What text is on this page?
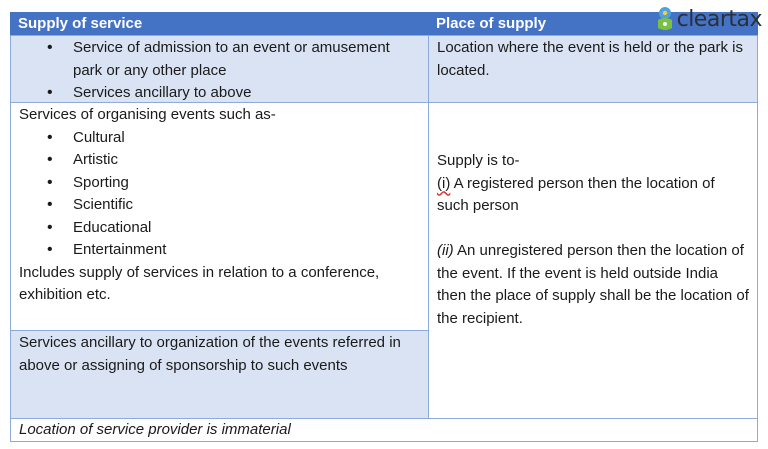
Supply of service	Place of supply
• Service of admission to an event or amusement park or any other place
• Services ancillary to above

Location where the event is held or the park is located.

Services of organising events such as-

• Cultural
• Artistic
• Sporting
• Scientific
• Educational
• Entertainment

Includes supply of services in relation to a conference, exhibition etc.

Services ancillary to organization of the events referred in above or assigning of sponsorship to such events

Supply is to-

(i) A registered person then the location of such person

(ii) An unregistered person then the location of the event. If the event is held outside India then the place of supply shall be the location of the recipient.

Location of service provider is immaterial
cleartax
